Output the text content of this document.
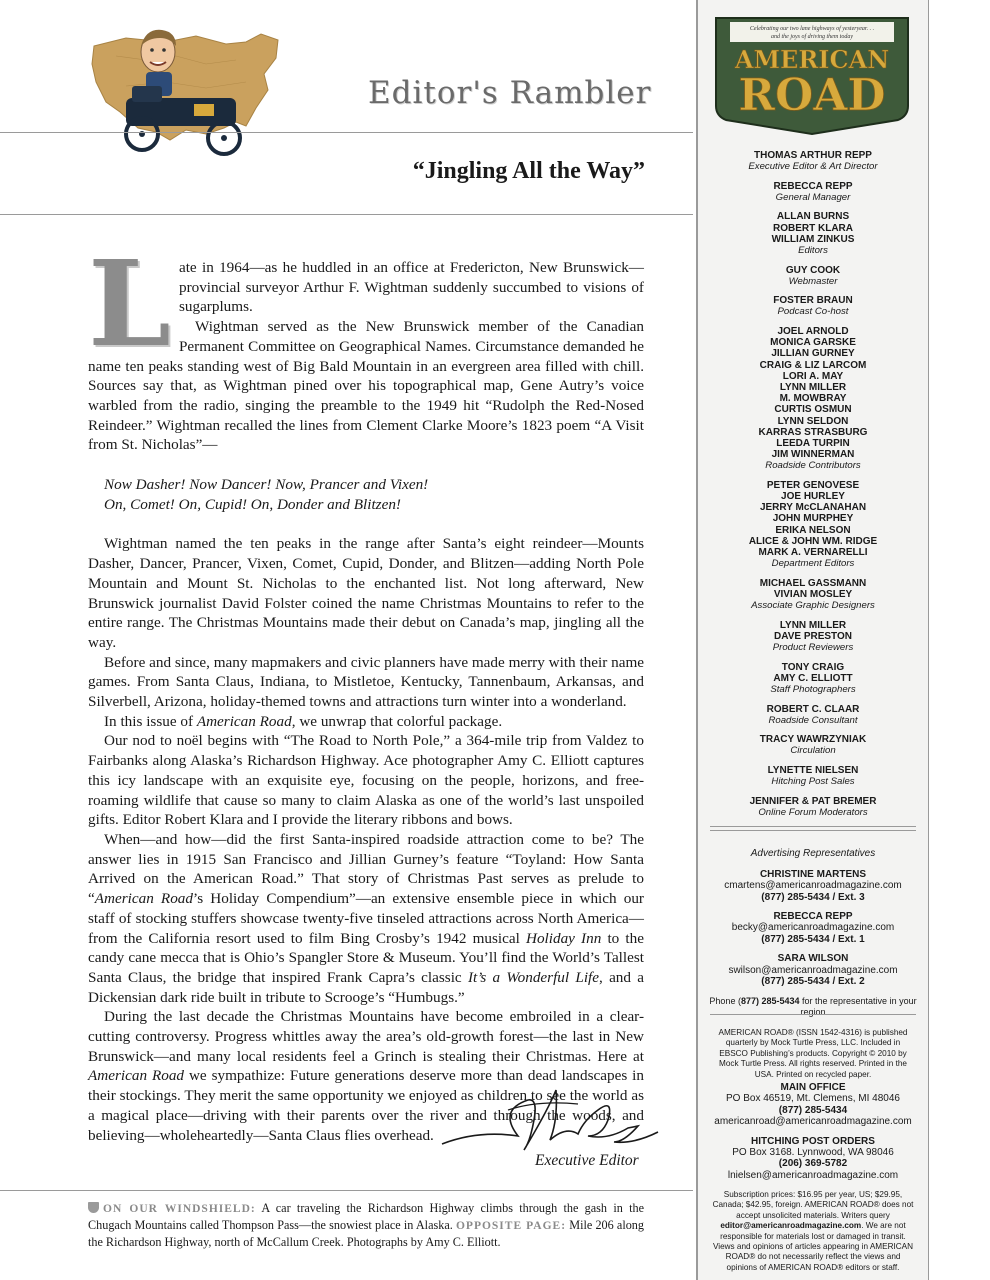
Editor's Rambler
“Jingling All the Way”

Late in 1964—as he huddled in an office at Fredericton, New Brunswick—provincial surveyor Arthur F. Wightman suddenly succumbed to visions of sugarplums.

Wightman served as the New Brunswick member of the Canadian Permanent Committee on Geographical Names. Circumstance demanded he name ten peaks standing west of Big Bald Mountain in an evergreen area filled with chill. Sources say that, as Wightman pined over his topographical map, Gene Autry’s voice warbled from the radio, singing the preamble to the 1949 hit “Rudolph the Red-Nosed Reindeer.” Wightman recalled the lines from Clement Clarke Moore’s 1823 poem “A Visit from St. Nicholas”—

Now Dasher! Now Dancer! Now, Prancer and Vixen!
On, Comet! On, Cupid! On, Donder and Blitzen!

Wightman named the ten peaks in the range after Santa’s eight reindeer—Mounts Dasher, Dancer, Prancer, Vixen, Comet, Cupid, Donder, and Blitzen—adding North Pole Mountain and Mount St. Nicholas to the enchanted list. Not long afterward, New Brunswick journalist David Folster coined the name Christmas Mountains to refer to the entire range. The Christmas Mountains made their debut on Canada’s map, jingling all the way.

Before and since, many mapmakers and civic planners have made merry with their name games. From Santa Claus, Indiana, to Mistletoe, Kentucky, Tannenbaum, Arkansas, and Silverbell, Arizona, holiday-themed towns and attractions turn winter into a wonderland.

In this issue of American Road, we unwrap that colorful package.

Our nod to noël begins with “The Road to North Pole,” a 364-mile trip from Valdez to Fairbanks along Alaska’s Richardson Highway. Ace photographer Amy C. Elliott captures this icy landscape with an exquisite eye, focusing on the people, horizons, and free-roaming wildlife that cause so many to claim Alaska as one of the world’s last unspoiled gifts. Editor Robert Klara and I provide the literary ribbons and bows.

When—and how—did the first Santa-inspired roadside attraction come to be? The answer lies in 1915 San Francisco and Jillian Gurney’s feature “Toyland: How Santa Arrived on the American Road.” That story of Christmas Past serves as prelude to “American Road’s Holiday Compendium”—an extensive ensemble piece in which our staff of stocking stuffers showcase twenty-five tinseled attractions across North America—from the California resort used to film Bing Crosby’s 1942 musical Holiday Inn to the candy cane mecca that is Ohio’s Spangler Store & Museum. You’ll find the World’s Tallest Santa Claus, the bridge that inspired Frank Capra’s classic It’s a Wonderful Life, and a Dickensian dark ride built in tribute to Scrooge’s “Humbugs.”

During the last decade the Christmas Mountains have become embroiled in a clear-cutting controversy. Progress whittles away the area’s old-growth forest—the last in New Brunswick—and many local residents feel a Grinch is stealing their Christmas. Here at American Road we sympathize: Future generations deserve more than dead landscapes in their stockings. They merit the same opportunity we enjoyed as children to see the world as a magical place—driving with their parents over the river and through the woods, and believing—wholeheartedly—Santa Claus flies overhead.

Executive Editor
ON OUR WINDSHIELD: A car traveling the Richardson Highway climbs through the gash in the Chugach Mountains called Thompson Pass—the snowiest place in Alaska. OPPOSITE PAGE: Mile 206 along the Richardson Highway, north of McCallum Creek. Photographs by Amy C. Elliott.
Celebrating our two lane highways of yesteryear. . .
and the joys of driving them today
AMERICAN
ROAD
THOMAS ARTHUR REPP
Executive Editor & Art Director
REBECCA REPP
General Manager
ALLAN BURNS
ROBERT KLARA
WILLIAM ZINKUS
Editors
GUY COOK
Webmaster
FOSTER BRAUN
Podcast Co-host
JOEL ARNOLD
MONICA GARSKE
JILLIAN GURNEY
CRAIG & LIZ LARCOM
LORI A. MAY
LYNN MILLER
M. MOWBRAY
CURTIS OSMUN
LYNN SELDON
KARRAS STRASBURG
LEEDA TURPIN
JIM WINNERMAN
Roadside Contributors
PETER GENOVESE
JOE HURLEY
JERRY McCLANAHAN
JOHN MURPHEY
ERIKA NELSON
ALICE & JOHN WM. RIDGE
MARK A. VERNARELLI
Department Editors
MICHAEL GASSMANN
VIVIAN MOSLEY
Associate Graphic Designers
LYNN MILLER
DAVE PRESTON
Product Reviewers
TONY CRAIG
AMY C. ELLIOTT
Staff Photographers
ROBERT C. CLAAR
Roadside Consultant
TRACY WAWRZYNIAK
Circulation
LYNETTE NIELSEN
Hitching Post Sales
JENNIFER & PAT BREMER
Online Forum Moderators
Advertising Representatives
CHRISTINE MARTENS
cmartens@americanroadmagazine.com
(877) 285-5434 / Ext. 3
REBECCA REPP
becky@americanroadmagazine.com
(877) 285-5434 / Ext. 1
SARA WILSON
swilson@americanroadmagazine.com
(877) 285-5434 / Ext. 2
Phone (877) 285-5434 for the representative in your region
AMERICAN ROAD® (ISSN 1542-4316) is published quarterly by Mock Turtle Press, LLC. Included in EBSCO Publishing’s products. Copyright © 2010 by Mock Turtle Press. All rights reserved. Printed in the USA. Printed on recycled paper.
MAIN OFFICE
PO Box 46519, Mt. Clemens, MI 48046
(877) 285-5434
americanroad@americanroadmagazine.com
HITCHING POST ORDERS
PO Box 3168. Lynnwood, WA 98046
(206) 369-5782
lnielsen@americanroadmagazine.com
Subscription prices: $16.95 per year, US; $29.95, Canada; $42.95, foreign. AMERICAN ROAD® does not accept unsolicited materials. Writers query editor@americanroadmagazine.com. We are not responsible for materials lost or damaged in transit. Views and opinions of articles appearing in AMERICAN ROAD® do not necessarily reflect the views and opinions of AMERICAN ROAD® editors or staff.
